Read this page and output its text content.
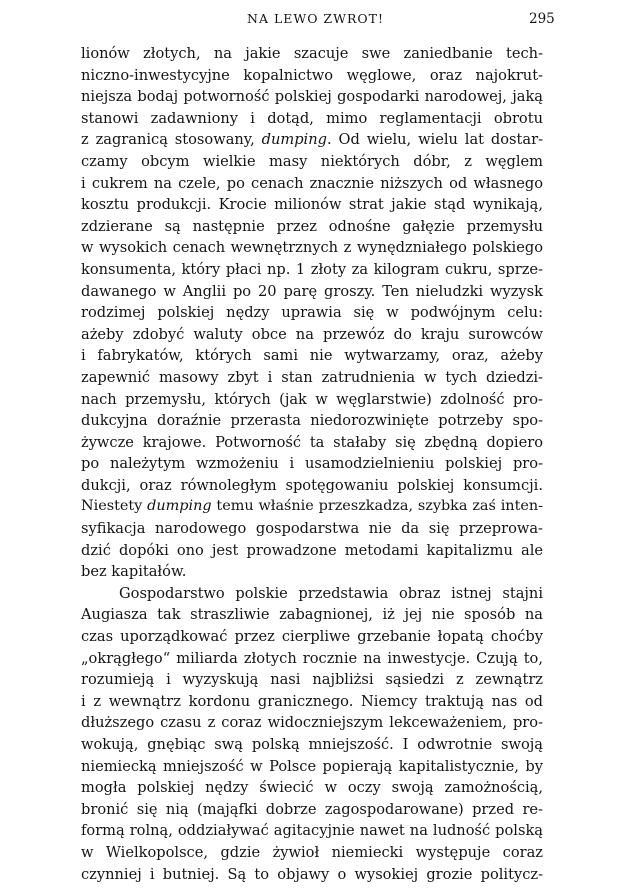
NA LEWO ZWROT!	295
lionów złotych, na jakie szacuje swe zaniedbanie tech-
niczno-inwestycyjne kopalnictwo węglowe, oraz najokrut-
niejsza bodaj potworność polskiej gospodarki narodowej, jaką
stanowi zadawniony i dotąd, mimo reglamentacji obrotu
z zagranicą stosowany, dumping. Od wielu, wielu lat dostar-
czamy obcym wielkie masy niektórych dóbr, z węglem
i cukrem na czele, po cenach znacznie niższych od własnego
kosztu produkcji. Krocie milionów strat jakie stąd wynikają,
zdzierane są następnie przez odnośne gałęzie przemysłu
w wysokich cenach wewnętrznych z wynędzniałego polskiego
konsumenta, który płaci np. 1 złoty za kilogram cukru, sprze-
dawanego w Anglii po 20 parę groszy. Ten nieludzki wyzysk
rodzimej polskiej nędzy uprawia się w podwójnym celu:
ażeby zdobyć waluty obce na przewóz do kraju surowców
i fabrykatów, których sami nie wytwarzamy, oraz, ażeby
zapewnić masowy zbyt i stan zatrudnienia w tych dziedzi-
nach przemysłu, których (jak w węglarstwie) zdolność pro-
dukcyjna doraźnie przerasta niedorozwinięte potrzeby spo-
żywcze krajowe. Potworność ta stałaby się zbędną dopiero
po należytym wzmożeniu i usamodzielnieniu polskiej pro-
dukcji, oraz równoległym spotęgowaniu polskiej konsumcji.
Niestety dumping temu właśnie przeszkadza, szybka zaś inten-
syfikacja narodowego gospodarstwa nie da się przeprowa-
dzić dopóki ono jest prowadzone metodami kapitalizmu ale
bez kapitałów.
Gospodarstwo polskie przedstawia obraz istnej stajni
Augiasza tak straszliwie zabagnionej, iż jej nie sposób na
czas uporządkować przez cierpliwe grzebanie łopatą choćby
„okrągłego“ miliarda złotych rocznie na inwestycje. Czują to,
rozumieją i wyzyskują nasi najbliżsi sąsiedzi z zewnątrz
i z wewnątrz kordonu granicznego. Niemcy traktują nas od
dłuższego czasu z coraz widoczniejszym lekceważeniem, pro-
wokują, gnębiąc swą polską mniejszość. I odwrotnie swoją
niemiecką mniejszość w Polsce popierają kapitalistycznie, by
mogła polskiej nędzy świecić w oczy swoją zamożnością,
bronić się nią (mająfki dobrze zagospodarowane) przed re-
formą rolną, oddziaływać agitacyjnie nawet na ludność polską
w Wielkopolsce, gdzie żywioł niemiecki występuje coraz
czynniej i butniej. Są to objawy o wysokiej grozie politycz-
